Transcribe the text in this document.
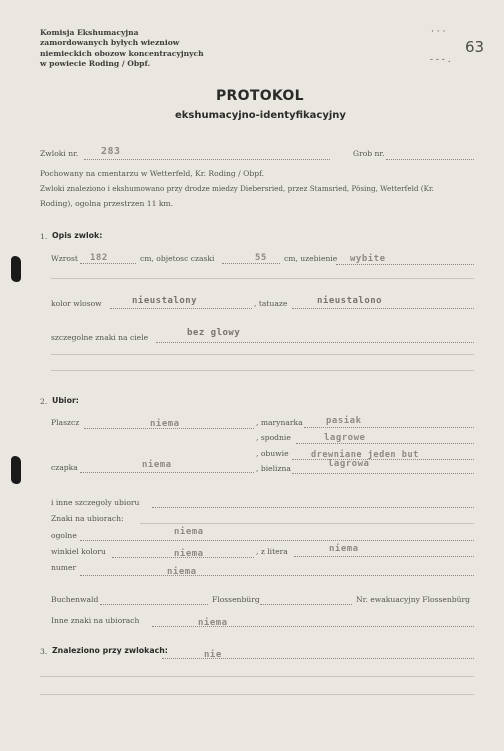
Komisja Ekshumacyjna
zamordowanych byłych wiezniow
niemieckich obozow koncentracyjnych
w powiecie Roding / Obpf.
· · ·
- - - .
63
PROTOKOL
ekshumacyjno-identyfikacyjny
Zwloki nr. 283	Grob nr.
Pochowany na cmentarzu w Wetterfeld, Kr. Roding / Obpf.
Zwloki znaleziono i ekshumowano przy drodze miedzy Diebersried, przez Stamsried, Pösing, Wetterfeld (Kr.
Roding), ogolna przestrzen 11 km.
1. Opis zwlok:
Wzrost 182	cm, objetosc czaski	55 cm, uzebienie wybite
kolor wlosow	nieustalony	, tatuaze	nieustalono
szczegolne znaki na ciele	bez glowy
2. Ubior:
Plaszcz	niema	, marynarka	pasiak
, spodnie	lagrowe
, obuwie	drewniane jeden but
czapka	niema	, bielizna	lagrowa
i inne szczegoly ubioru
Znaki na ubiorach:
ogolne	niema
winkiel koloru	niema	, z litera	niema
numer	niema
Buchenwald	Flossenbürg	Nr. ewakuacyjny Flossenbürg
Inne znaki na ubiorach	niema
3. Znaleziono przy zwlokach:	nie
